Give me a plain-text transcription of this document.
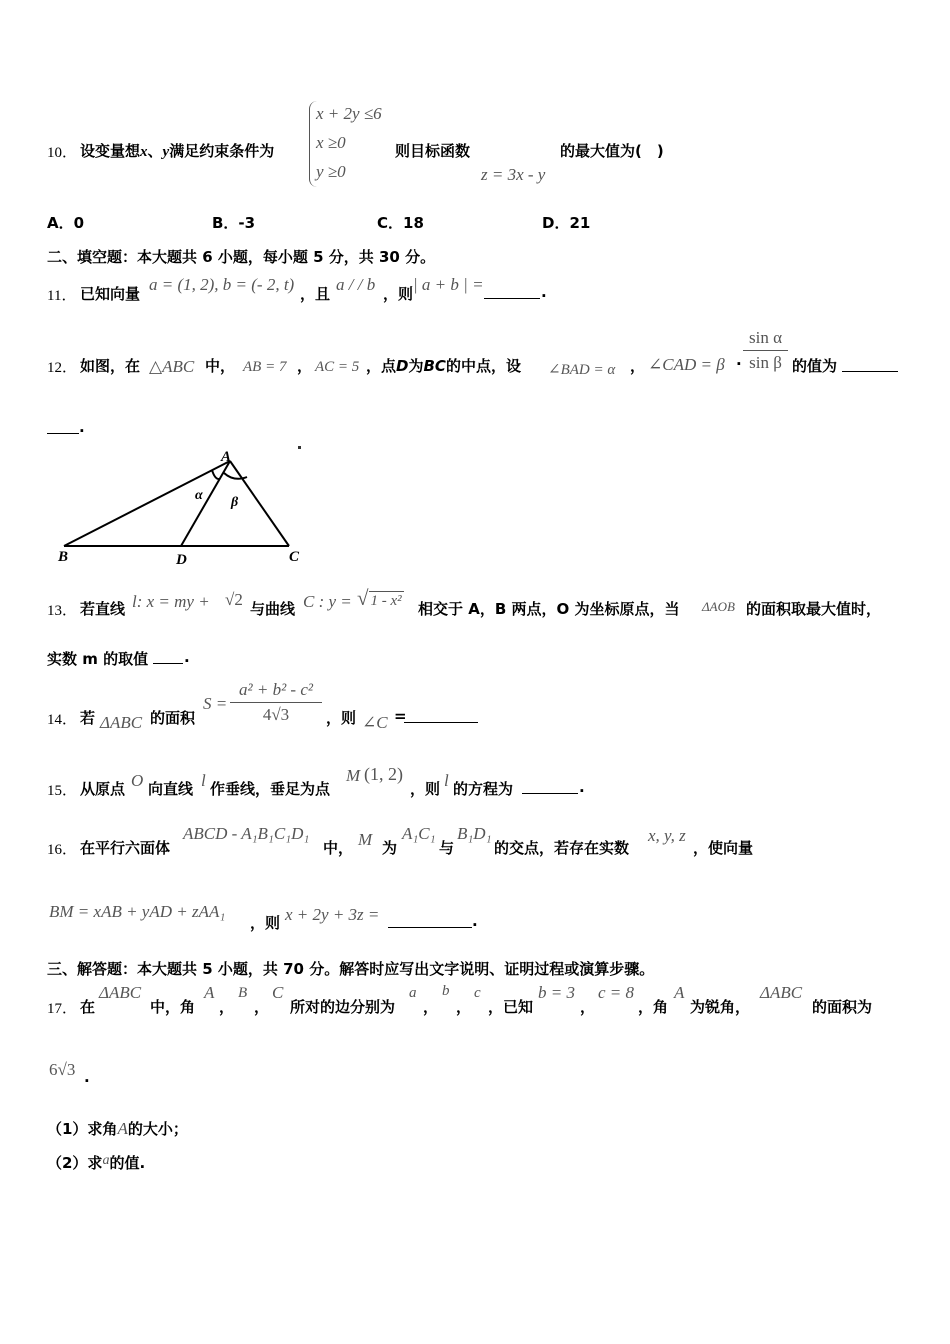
10． 设变量想x、y满足约束条件为
x + 2y ≤6
x ≥0
y ≥0
则目标函数
z = 3x - y
的最大值为(　)
A．0	B．-3	C．18	D．21
二、填空题：本大题共 6 小题，每小题 5 分，共 30 分。
11． 已知向量 a = (1, 2), b = (- 2, t) ，且 a / / b ，则 | a + b | =	.
12． 如图，在 △ABC 中， AB = 7 ， AC = 5 ，点D为BC的中点，设 ∠BAD = α ， ∠CAD = $\beta \cdot \frac{\text{sin α}}{\text{sin β}}$ 的值为
.
A
B	C
D
α β
13． 若直线 l: x = my + √2 与曲线 C : y = √ 1 - x² 相交于 A，B 两点，O 为坐标原点，当 ΔAOB 的面积取最大值时，
实数 m 的取值 .
14． 若 ΔABC 的面积
$S = \frac{\text{a² + b² - c²}}{4√3}$ ，则 ∠C =
15． 从原点 O 向直线 l 作垂线，垂足为点
M (1, 2)
，则 l 的方程为	.
16． 在平行六面体
ABCD - A₁B₁C₁D₁
中， M 为
A₁C₁
与
B₁D₁
的交点，若存在实数
x, y, z
，使向量
BM = xAB + yAD + zAA₁
，则 x + 2y + 3z =	.
三、解答题：本大题共 5 小题，共 70 分。解答时应写出文字说明、证明过程或演算步骤。
17． 在
ΔABC
中，角
A
，
B
，
C
所对的边分别为
a
，
b
，
c
，已知
b = 3
，
c = 8
，角
A
为锐角，
ΔABC
的面积为
6√3 .
（1）求角A的大小；
（2）求a的值.
